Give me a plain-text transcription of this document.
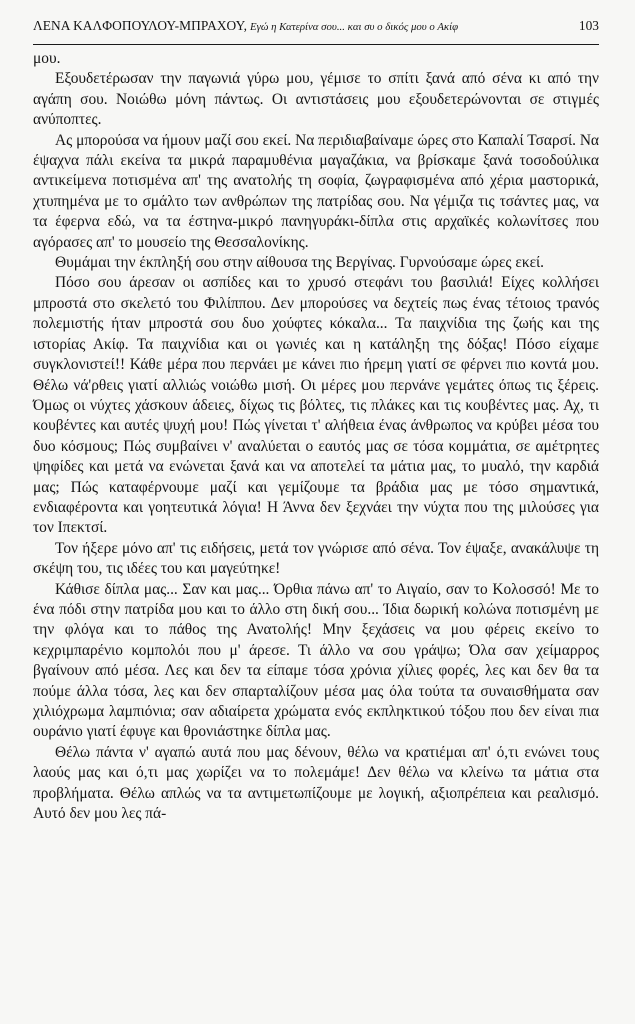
ΛΕΝΑ ΚΑΛΦΟΠΟΥΛΟΥ-ΜΠΡΑΧΟΥ, Εγώ η Κατερίνα σου... και συ ο δικός μου ο Ακίφ	103

μου.

Εξουδετέρωσαν την παγωνιά γύρω μου, γέμισε το σπίτι ξανά από σένα κι από την αγάπη σου. Νοιώθω μόνη πάντως. Οι αντιστάσεις μου εξουδετερώνονται σε στιγμές ανύποπτες.

Ας μπορούσα να ήμουν μαζί σου εκεί. Να περιδιαβαίναμε ώρες στο Καπαλί Τσαρσί. Να έψαχνα πάλι εκείνα τα μικρά παραμυθένια μαγαζάκια, να βρίσκαμε ξανά τοσοδούλικα αντικείμενα ποτισμένα απ' της ανατολής τη σοφία, ζωγραφισμένα από χέρια μαστορικά, χτυπημένα με το σμάλτο των ανθρώπων της πατρίδας σου. Να γέμιζα τις τσάντες μας, να τα έφερνα εδώ, να τα έστηνα-μικρό πανηγυράκι-δίπλα στις αρχαϊκές κολωνίτσες που αγόρασες απ' το μουσείο της Θεσσαλονίκης.

Θυμάμαι την έκπληξή σου στην αίθουσα της Βεργίνας. Γυρνούσαμε ώρες εκεί.

Πόσο σου άρεσαν οι ασπίδες και το χρυσό στεφάνι του βασιλιά! Είχες κολλήσει μπροστά στο σκελετό του Φιλίππου. Δεν μπορούσες να δεχτείς πως ένας τέτοιος τρανός πολεμιστής ήταν μπροστά σου δυο χούφτες κόκαλα... Τα παιχνίδια της ζωής και της ιστορίας Ακίφ. Τα παιχνίδια και οι γωνιές και η κατάληξη της δόξας! Πόσο είχαμε συγκλονιστεί!! Κάθε μέρα που περνάει με κάνει πιο ήρεμη γιατί σε φέρνει πιο κοντά μου. Θέλω νά'ρθεις γιατί αλλιώς νοιώθω μισή. Οι μέρες μου περνάνε γεμάτες όπως τις ξέρεις. Όμως οι νύχτες χάσκουν άδειες, δίχως τις βόλτες, τις πλάκες και τις κουβέντες μας. Αχ, τι κουβέντες και αυτές ψυχή μου! Πώς γίνεται τ' αλήθεια ένας άνθρωπος να κρύβει μέσα του δυο κόσμους; Πώς συμβαίνει ν' αναλύεται ο εαυτός μας σε τόσα κομμάτια, σε αμέτρητες ψηφίδες και μετά να ενώνεται ξανά και να αποτελεί τα μάτια μας, το μυαλό, την καρδιά μας; Πώς καταφέρνουμε μαζί και γεμίζουμε τα βράδια μας με τόσο σημαντικά, ενδιαφέροντα και γοητευτικά λόγια! Η Άννα δεν ξεχνάει την νύχτα που της μιλούσες για τον Ιπεκτσί.

Τον ήξερε μόνο απ' τις ειδήσεις, μετά τον γνώρισε από σένα. Τον έψαξε, ανακάλυψε τη σκέψη του, τις ιδέες του και μαγεύτηκε!

Κάθισε δίπλα μας... Σαν και μας... Όρθια πάνω απ' το Αιγαίο, σαν το Κολοσσό! Με το ένα πόδι στην πατρίδα μου και το άλλο στη δική σου... Ίδια δωρική κολώνα ποτισμένη με την φλόγα και το πάθος της Ανατολής! Μην ξεχάσεις να μου φέρεις εκείνο το κεχριμπαρένιο κομπολόι που μ' άρεσε. Τι άλλο να σου γράψω; Όλα σαν χείμαρρος βγαίνουν από μέσα. Λες και δεν τα είπαμε τόσα χρόνια χίλιες φορές, λες και δεν θα τα πούμε άλλα τόσα, λες και δεν σπαρταλίζουν μέσα μας όλα τούτα τα συναισθήματα σαν χιλιόχρωμα λαμπιόνια; σαν αδιαίρετα χρώματα ενός εκπληκτικού τόξου που δεν είναι πια ουράνιο γιατί έφυγε και θρονιάστηκε δίπλα μας.

Θέλω πάντα ν' αγαπώ αυτά που μας δένουν, θέλω να κρατιέμαι απ' ό,τι ενώνει τους λαούς μας και ό,τι μας χωρίζει να το πολεμάμε! Δεν θέλω να κλείνω τα μάτια στα προβλήματα. Θέλω απλώς να τα αντιμετωπίζουμε με λογική, αξιοπρέπεια και ρεαλισμό. Αυτό δεν μου λες πά-
